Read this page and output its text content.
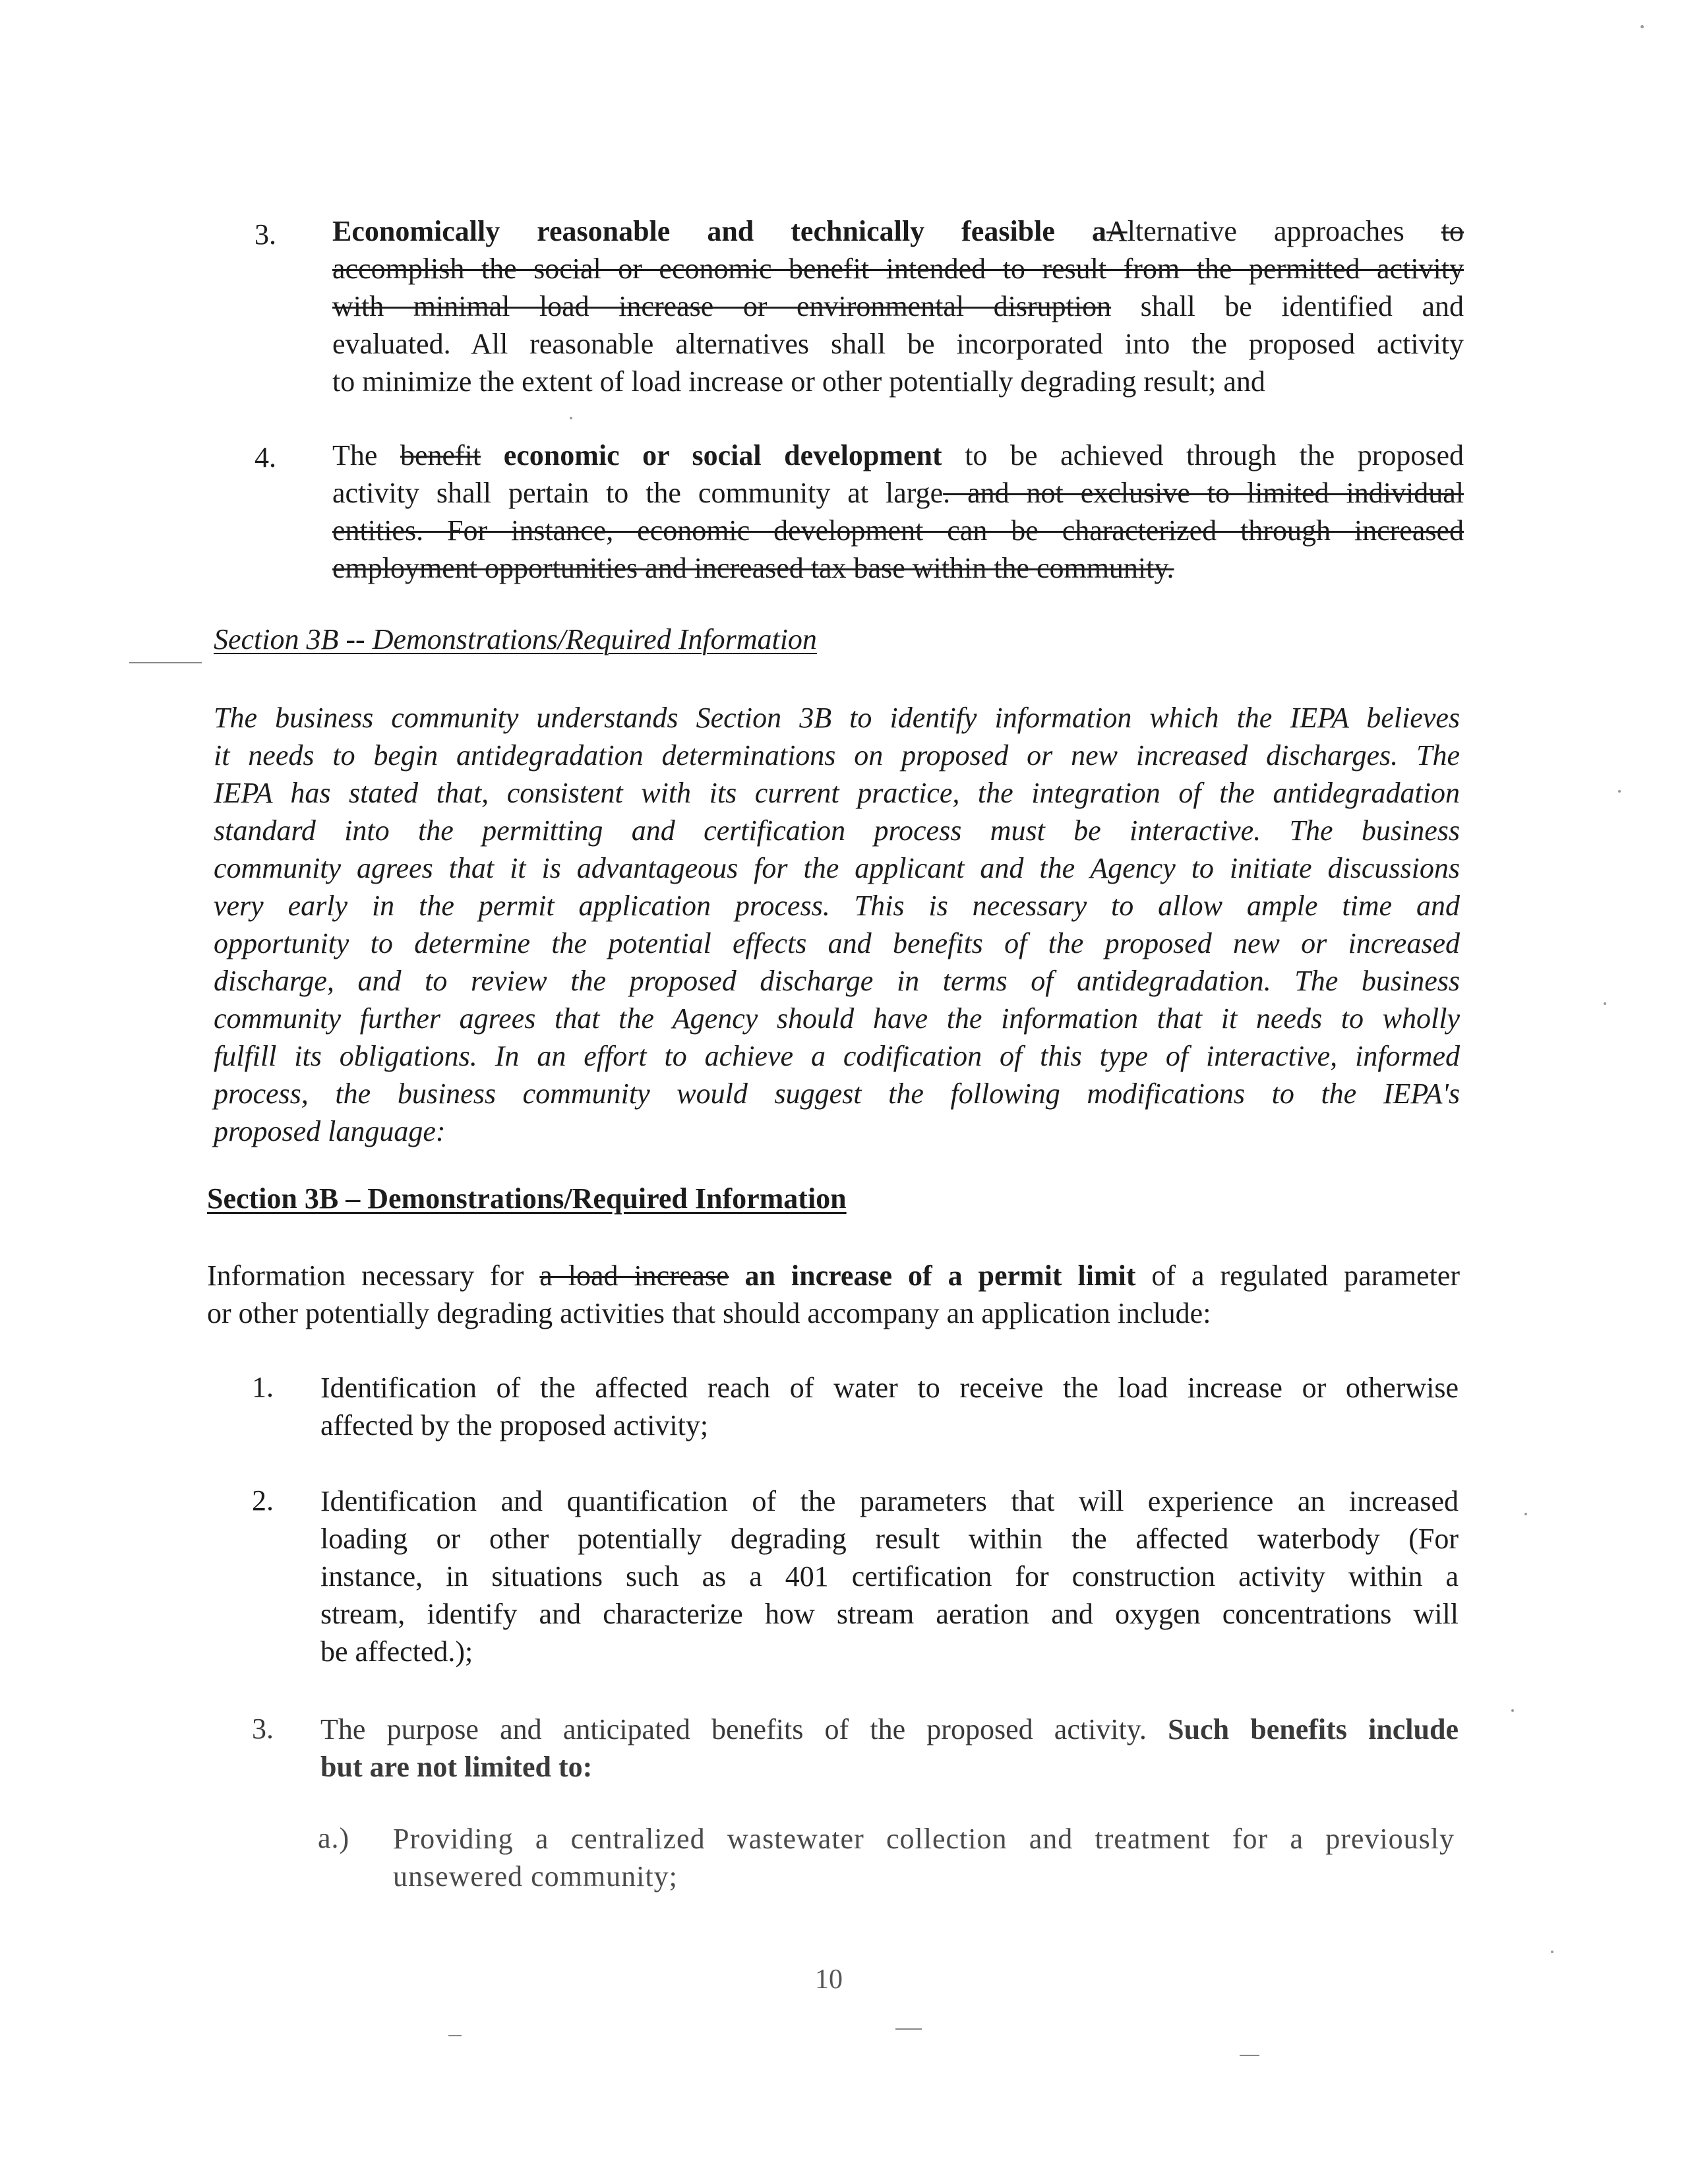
3. Economically reasonable and technically feasible aAlternative approaches to
accomplish the social or economic benefit intended to result from the permitted activity
with minimal load increase or environmental disruption shall be identified and
evaluated. All reasonable alternatives shall be incorporated into the proposed activity
to minimize the extent of load increase or other potentially degrading result; and
4. The benefit economic or social development to be achieved through the proposed
activity shall pertain to the community at large. and not exclusive to limited individual
entities. For instance, economic development can be characterized through increased
employment opportunities and increased tax base within the community.
Section 3B -- Demonstrations/Required Information
The business community understands Section 3B to identify information which the IEPA believes
it needs to begin antidegradation determinations on proposed or new increased discharges. The
IEPA has stated that, consistent with its current practice, the integration of the antidegradation
standard into the permitting and certification process must be interactive. The business
community agrees that it is advantageous for the applicant and the Agency to initiate discussions
very early in the permit application process. This is necessary to allow ample time and
opportunity to determine the potential effects and benefits of the proposed new or increased
discharge, and to review the proposed discharge in terms of antidegradation. The business
community further agrees that the Agency should have the information that it needs to wholly
fulfill its obligations. In an effort to achieve a codification of this type of interactive, informed
process, the business community would suggest the following modifications to the IEPA's
proposed language:
Section 3B – Demonstrations/Required Information
Information necessary for a load increase an increase of a permit limit of a regulated parameter
or other potentially degrading activities that should accompany an application include:
1. Identification of the affected reach of water to receive the load increase or otherwise
affected by the proposed activity;
2. Identification and quantification of the parameters that will experience an increased
loading or other potentially degrading result within the affected waterbody (For
instance, in situations such as a 401 certification for construction activity within a
stream, identify and characterize how stream aeration and oxygen concentrations will
be affected.);
3. The purpose and anticipated benefits of the proposed activity. Such benefits include
but are not limited to:
a.) Providing a centralized wastewater collection and treatment for a previously
unsewered community;
10
